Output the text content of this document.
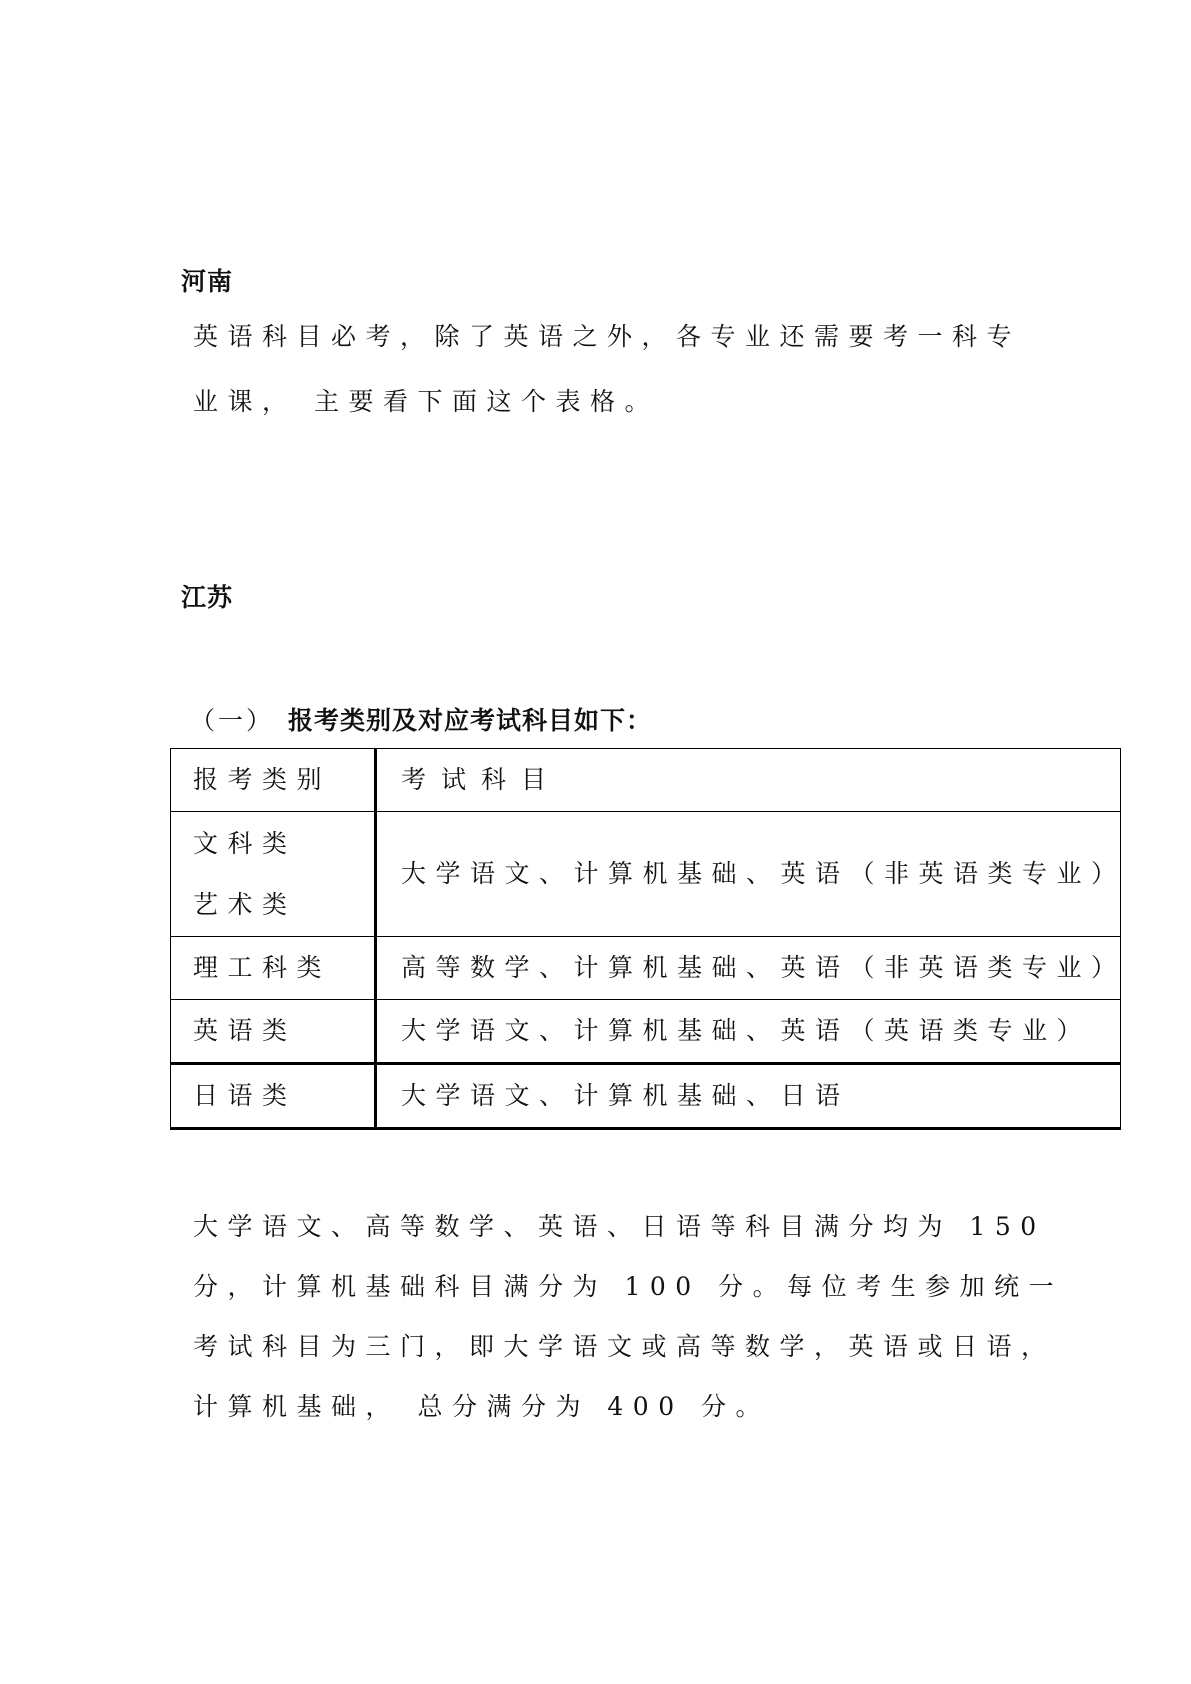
河南
英语科目必考，除了英语之外，各专业还需要考一科专
业课， 主要看下面这个表格。
江苏
（一） 报考类别及对应考试科目如下：
报考类别	考试科目

文科类
艺术类	大学语文、计算机基础、英语（非英语类专业）
理工科类	高等数学、计算机基础、英语（非英语类专业）
英语类	大学语文、计算机基础、英语（英语类专业）
日语类	大学语文、计算机基础、日语
大学语文、高等数学、英语、日语等科目满分均为 150
分，计算机基础科目满分为 100 分。每位考生参加统一
考试科目为三门，即大学语文或高等数学，英语或日语，
计算机基础， 总分满分为 400 分。
